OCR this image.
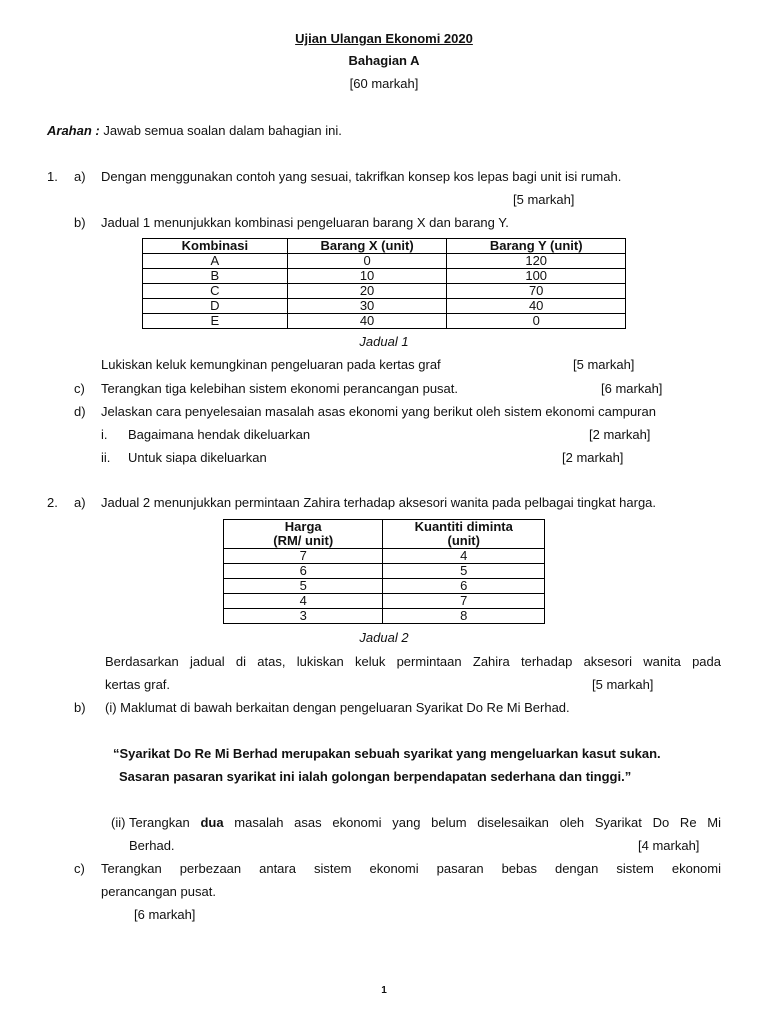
Ujian Ulangan Ekonomi 2020
Bahagian A
[60 markah]
Arahan : Jawab semua soalan dalam bahagian ini.
1. a) Dengan menggunakan contoh yang sesuai, takrifkan konsep kos lepas bagi unit isi rumah.
[5 markah]
b) Jadual 1 menunjukkan kombinasi pengeluaran barang X dan barang Y.
Kombinasi	Barang X (unit)	Barang Y (unit)
A	0	120
B	10	100
C	20	70
D	30	40
E	40	0
Jadual 1
Lukiskan keluk kemungkinan pengeluaran pada kertas graf	[5 markah]
c) Terangkan tiga kelebihan sistem ekonomi perancangan pusat.	[6 markah]
d) Jelaskan cara penyelesaian masalah asas ekonomi yang berikut oleh sistem ekonomi campuran
i. Bagaimana hendak dikeluarkan	[2 markah]
ii. Untuk siapa dikeluarkan	[2 markah]
2. a) Jadual 2 menunjukkan permintaan Zahira terhadap aksesori wanita pada pelbagai tingkat harga.
Harga
(RM/ unit)	Kuantiti diminta
(unit)
7	4
6	5
5	6
4	7
3	8
Jadual 2
Berdasarkan jadual di atas, lukiskan keluk permintaan Zahira terhadap aksesori wanita pada
kertas graf.	[5 markah]
b) (i) Maklumat di bawah berkaitan dengan pengeluaran Syarikat Do Re Mi Berhad.
“Syarikat Do Re Mi Berhad merupakan sebuah syarikat yang mengeluarkan kasut sukan.
Sasaran pasaran syarikat ini ialah golongan berpendapatan sederhana dan tinggi.”
(ii) Terangkan dua masalah asas ekonomi yang belum diselesaikan oleh Syarikat Do Re Mi
Berhad.	[4 markah]
c) Terangkan perbezaan antara sistem ekonomi pasaran bebas dengan sistem ekonomi
perancangan pusat.
[6 markah]
1
